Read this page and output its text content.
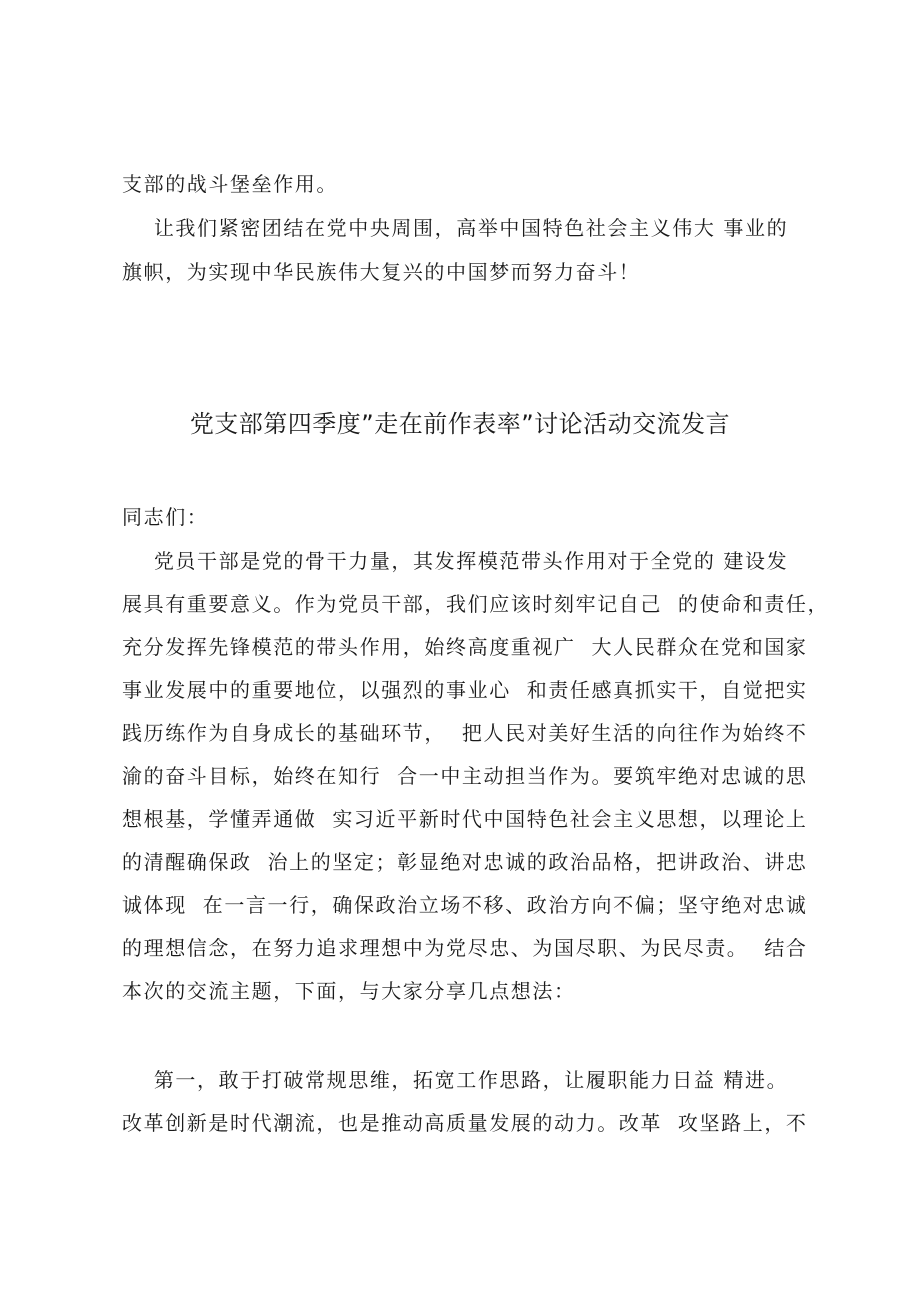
支部的战斗堡垒作用。
让我们紧密团结在党中央周围，高举中国特色社会主义伟大 事业的
旗帜，为实现中华民族伟大复兴的中国梦而努力奋斗！
党支部第四季度”走在前作表率”讨论活动交流发言
同志们：
党员干部是党的骨干力量，其发挥模范带头作用对于全党的 建设发
展具有重要意义。作为党员干部，我们应该时刻牢记自己  的使命和责任，
充分发挥先锋模范的带头作用，始终高度重视广  大人民群众在党和国家
事业发展中的重要地位，以强烈的事业心  和责任感真抓实干，自觉把实
践历练作为自身成长的基础环节，  把人民对美好生活的向往作为始终不
渝的奋斗目标，始终在知行  合一中主动担当作为。要筑牢绝对忠诚的思
想根基，学懂弄通做  实习近平新时代中国特色社会主义思想，以理论上
的清醒确保政  治上的坚定；彰显绝对忠诚的政治品格，把讲政治、讲忠
诚体现  在一言一行，确保政治立场不移、政治方向不偏；坚守绝对忠诚
的理想信念，在努力追求理想中为党尽忠、为国尽职、为民尽责。  结合
本次的交流主题，下面，与大家分享几点想法：
第一，敢于打破常规思维，拓宽工作思路，让履职能力日益 精进。
改革创新是时代潮流，也是推动高质量发展的动力。改革  攻坚路上，不
